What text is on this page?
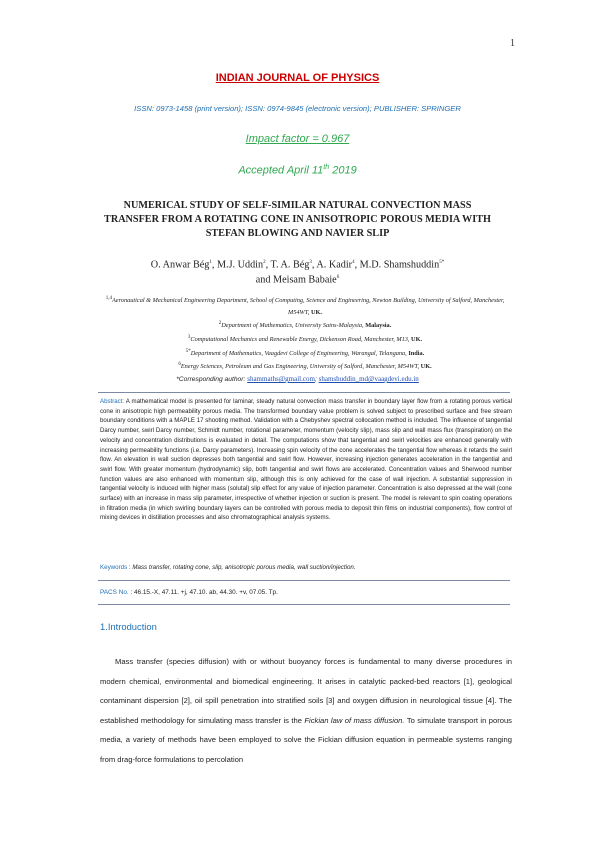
1
INDIAN JOURNAL OF PHYSICS
ISSN: 0973-1458 (print version); ISSN: 0974-9845 (electronic version); PUBLISHER: SPRINGER
Impact factor = 0.967
Accepted April 11th 2019
NUMERICAL STUDY OF SELF-SIMILAR NATURAL CONVECTION MASS TRANSFER FROM A ROTATING CONE IN ANISOTROPIC POROUS MEDIA WITH STEFAN BLOWING AND NAVIER SLIP
O. Anwar Bég$^1$, M.J. Uddin$^2$, T. A. Bég$^3$, A. Kadir$^4$, M.D. Shamshuddin$^{5*}$
and Meisam Babaie$^6$
$^{1,4}$Aeronautical & Mechanical Engineering Department, School of Computing, Science and Engineering, Newton Building, University of Salford, Manchester, M54WT, UK.
$^2$Department of Mathematics, University Sains-Malaysia, Malaysia.
$^3$Computational Mechanics and Renewable Energy, Dickenson Road, Manchester, M13, UK.
$^{5*}$Department of Mathematics, Vaagdevi College of Engineering, Warangal, Telangana, India.
$^6$Energy Sciences, Petroleum and Gas Engineering, University of Salford, Manchester, M54WT, UK.
*Corresponding author: shammaths@gmail.com; shamshuddin_md@vaagdevi.edu.in
Abstract: A mathematical model is presented for laminar, steady natural convection mass transfer in boundary layer flow from a rotating porous vertical cone in anisotropic high permeability porous media. The transformed boundary value problem is solved subject to prescribed surface and free stream boundary conditions with a MAPLE 17 shooting method. Validation with a Chebyshev spectral collocation method is included. The influence of tangential Darcy number, swirl Darcy number, Schmidt number, rotational parameter, momentum (velocity slip), mass slip and wall mass flux (transpiration) on the velocity and concentration distributions is evaluated in detail. The computations show that tangential and swirl velocities are enhanced generally with increasing permeability functions (i.e. Darcy parameters). Increasing spin velocity of the cone accelerates the tangential flow whereas it retards the swirl flow. An elevation in wall suction depresses both tangential and swirl flow. However, increasing injection generates acceleration in the tangential and swirl flow. With greater momentum (hydrodynamic) slip, both tangential and swirl flows are accelerated. Concentration values and Sherwood number function values are also enhanced with momentum slip, although this is only achieved for the case of wall injection. A substantial suppression in tangential velocity is induced with higher mass (solutal) slip effect for any value of injection parameter. Concentration is also depressed at the wall (cone surface) with an increase in mass slip parameter, irrespective of whether injection or suction is present. The model is relevant to spin coating operations in filtration media (in which swirling boundary layers can be controlled with porous media to deposit thin films on industrial components), flow control of mixing devices in distillation processes and also chromatographical analysis systems.
Keywords : Mass transfer, rotating cone, slip, anisotropic porous media, wall suction/injection.
PACS No. : 46.15.-X, 47.11. +j, 47.10. ab, 44.30. +v, 07.05. Tp.
1.Introduction
Mass transfer (species diffusion) with or without buoyancy forces is fundamental to many diverse procedures in modern chemical, environmental and biomedical engineering. It arises in catalytic packed-bed reactors [1], geological contaminant dispersion [2], oil spill penetration into stratified soils [3] and oxygen diffusion in neurological tissue [4]. The established methodology for simulating mass transfer is the Fickian law of mass diffusion. To simulate transport in porous media, a variety of methods have been employed to solve the Fickian diffusion equation in permeable systems ranging from drag-force formulations to percolation
